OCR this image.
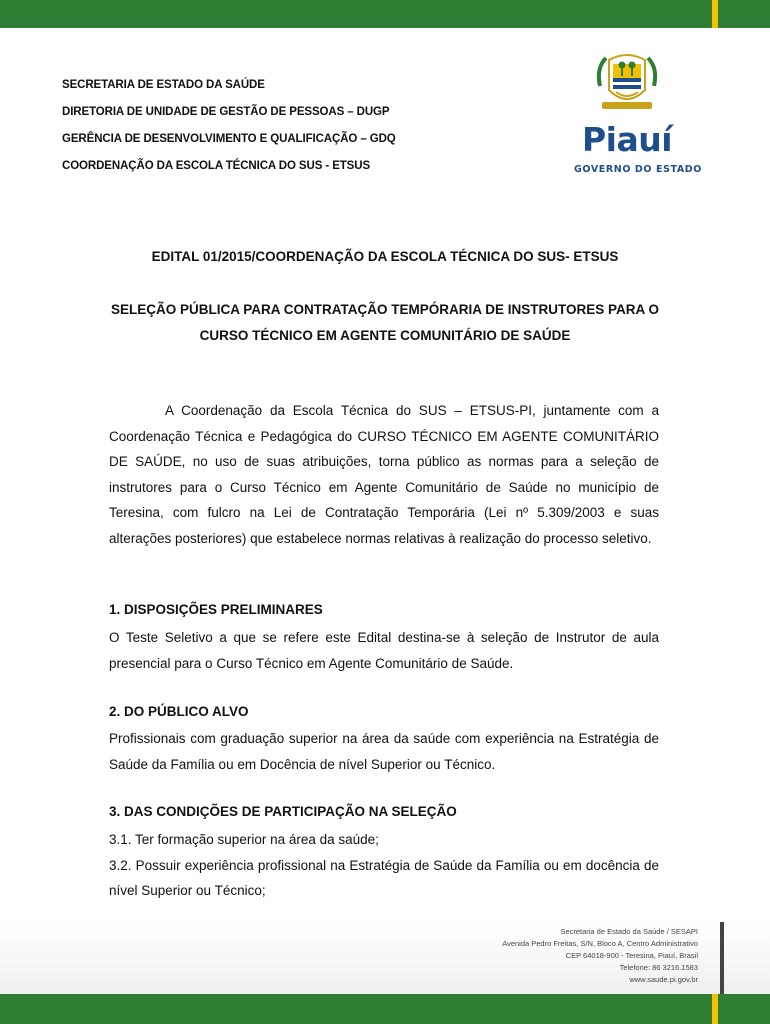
SECRETARIA DE ESTADO DA SAÚDE
DIRETORIA DE UNIDADE DE GESTÃO DE PESSOAS – DUGP
GERÊNCIA DE DESENVOLVIMENTO E QUALIFICAÇÃO – GDQ
COORDENAÇÃO DA ESCOLA TÉCNICA DO SUS - ETSUS
Piauí
GOVERNO DO ESTADO
EDITAL 01/2015/COORDENAÇÃO DA ESCOLA TÉCNICA DO SUS- ETSUS
SELEÇÃO PÚBLICA PARA CONTRATAÇÃO TEMPÓRARIA DE INSTRUTORES PARA O CURSO TÉCNICO EM AGENTE COMUNITÁRIO DE SAÚDE
A Coordenação da Escola Técnica do SUS – ETSUS-PI, juntamente com a Coordenação Técnica e Pedagógica do CURSO TÉCNICO EM AGENTE COMUNITÁRIO DE SAÚDE, no uso de suas atribuições, torna público as normas para a seleção de instrutores para o Curso Técnico em Agente Comunitário de Saúde no município de Teresina, com fulcro na Lei de Contratação Temporária (Lei nº 5.309/2003 e suas alterações posteriores) que estabelece normas relativas à realização do processo seletivo.
1. DISPOSIÇÕES PRELIMINARES
O Teste Seletivo a que se refere este Edital destina-se à seleção de Instrutor de aula presencial para o Curso Técnico em Agente Comunitário de Saúde.
2. DO PÚBLICO ALVO
Profissionais com graduação superior na área da saúde com experiência na Estratégia de Saúde da Família ou em Docência de nível Superior ou Técnico.
3. DAS CONDIÇÕES DE PARTICIPAÇÃO NA SELEÇÃO
3.1. Ter formação superior na área da saúde;
3.2. Possuir experiência profissional na Estratégia de Saúde da Família ou em docência de nível Superior ou Técnico;
Secretaria de Estado da Saúde / SESAPI
Avenida Pedro Freitas, S/N, Bloco A, Centro Administrativo
CEP 64018-900 - Teresina, Piauí, Brasil
Telefone: 86 3216.1583
www.saude.pi.gov.br
